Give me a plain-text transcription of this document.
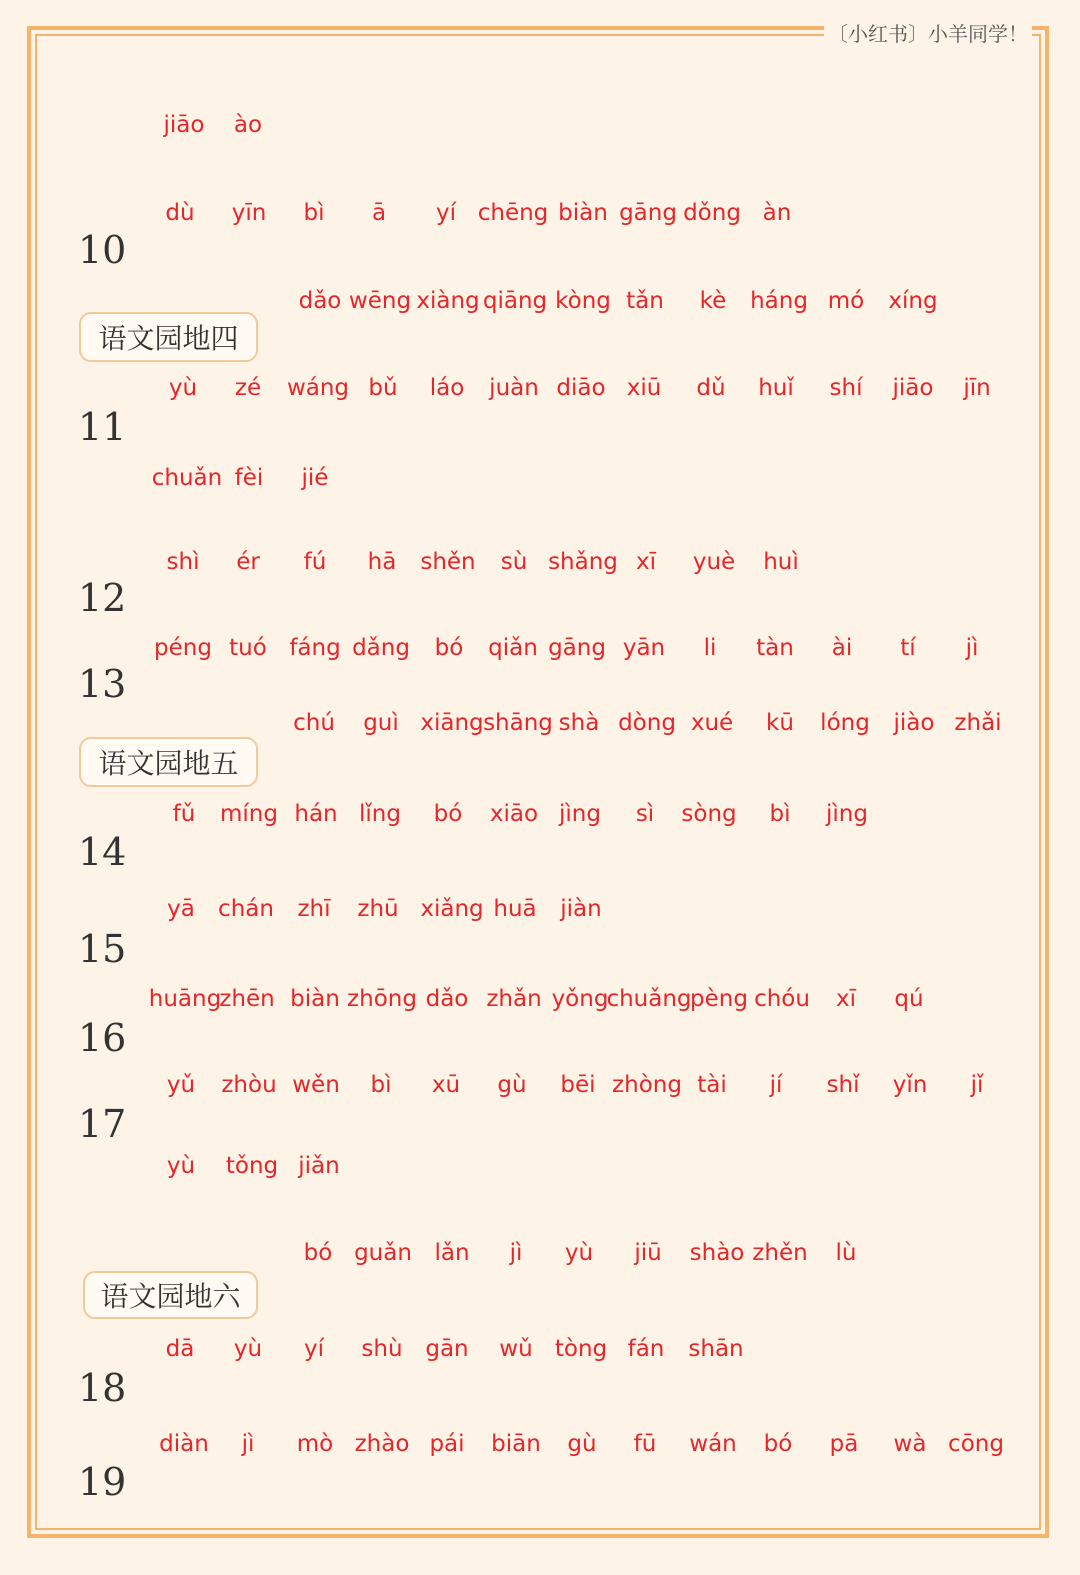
〔小红书〕小羊同学！
jiāo ào
dù yīn bì ā yí chēng biàn gāng dǒng àn
dǎo wēng xiàng qiāng kòng tǎn kè háng mó xíng
yù zé wáng bǔ láo juàn diāo xiū dǔ huǐ shí jiāo jīn
chuǎn fèi jié
shì ér fú hā shěn sù shǎng xī yuè huì
péng tuó fáng dǎng bó qiǎn gāng yān li tàn ài tí jì
chú guì xiāng shāng shà dòng xué kū lóng jiào zhǎi
fǔ míng hán lǐng bó xiāo jìng sì sòng bì jìng
yā chán zhī zhū xiǎng huā jiàn
huāng
zhēn biàn zhōng dǎo zhǎn yǒng
chuǎng
pèng chóu xī qú
yǔ zhòu wěn bì xū gù bēi zhòng tài jí shǐ yǐn jǐ
yù tǒng jiǎn
bó guǎn lǎn jì yù jiū shào zhěn lù
dā yù yí shù gān wǔ tòng fán shān
diàn jì mò zhào pái biān gù fū wán bó pā wà cōng
10
11
12
13
14
15
16
17
18
19
语文园地四
语文园地五
语文园地六
